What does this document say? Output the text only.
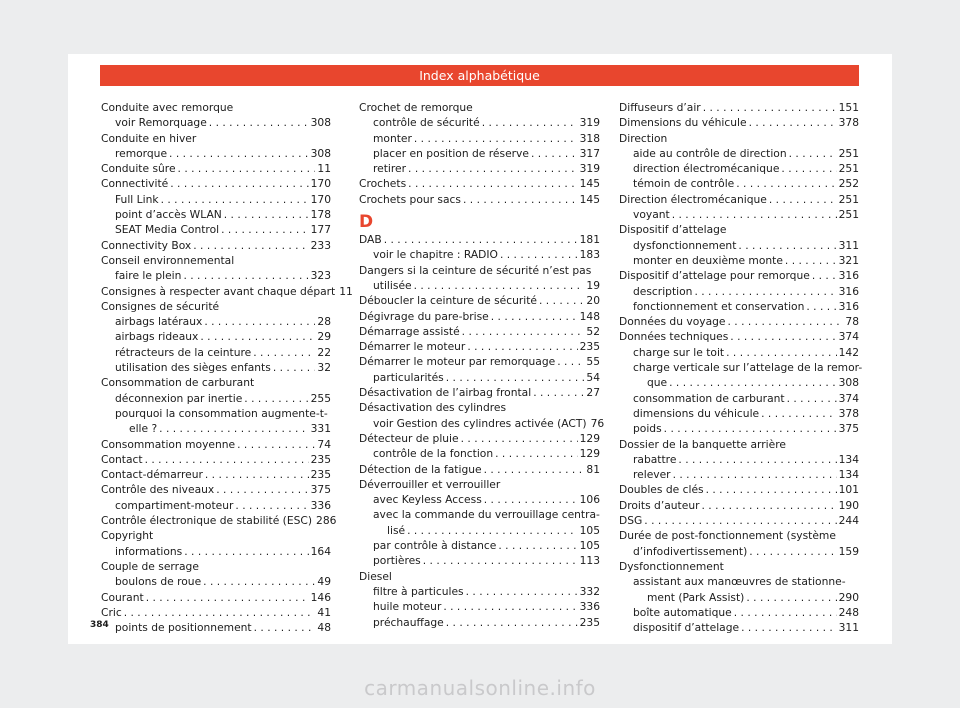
Index alphabétique
Conduite avec remorque
voir Remorquage . . .	308
Conduite en hiver
remorque . . .	308
Conduite sûre . . .	11
Connectivité . . .	170
Full Link . . .	170
point d’accès WLAN . . .	178
SEAT Media Control . . .	177
Connectivity Box . . .	233
Conseil environnemental
faire le plein . . .	323
Consignes à respecter avant chaque départ 11
Consignes de sécurité
airbags latéraux . . .	28
airbags rideaux . . .	29
rétracteurs de la ceinture . . .	22
utilisation des sièges enfants . . .	32
Consommation de carburant
déconnexion par inertie . . .	255
pourquoi la consommation augmente-t-
elle ? . . .	331
Consommation moyenne . . .	74
Contact . . .	235
Contact-démarreur . . .	235
Contrôle des niveaux . . .	375
compartiment-moteur . . .	336
Contrôle électronique de stabilité (ESC) 286
Copyright
informations . . .	164
Couple de serrage
boulons de roue . . .	49
Courant . . .	146
Cric . . .	41
points de positionnement . . .	48
Crochet de remorque
contrôle de sécurité . . .	319
monter . . .	318
placer en position de réserve . . .	317
retirer . . .	319
Crochets . . .	145
Crochets pour sacs . . .	145
D
DAB . . .	181
voir le chapitre : RADIO . . .	183
Dangers si la ceinture de sécurité n’est pas
utilisée . . .	19
Déboucler la ceinture de sécurité . . .	20
Dégivrage du pare-brise . . .	148
Démarrage assisté . . .	52
Démarrer le moteur . . .	235
Démarrer le moteur par remorquage . . .	55
particularités . . .	54
Désactivation de l’airbag frontal . . .	27
Désactivation des cylindres
voir Gestion des cylindres activée (ACT) 76
Détecteur de pluie . . .	129
contrôle de la fonction . . .	129
Détection de la fatigue . . .	81
Déverrouiller et verrouiller
avec Keyless Access . . .	106
avec la commande du verrouillage centra-
lisé . . .	105
par contrôle à distance . . .	105
portières . . .	113
Diesel
filtre à particules . . .	332
huile moteur . . .	336
préchauffage . . .	235
Diffuseurs d’air . . .	151
Dimensions du véhicule . . .	378
Direction
aide au contrôle de direction . . .	251
direction électromécanique . . .	251
témoin de contrôle . . .	252
Direction électromécanique . . .	251
voyant . . .	251
Dispositif d’attelage
dysfonctionnement . . .	311
monter en deuxième monte . . .	321
Dispositif d’attelage pour remorque . . .	316
description . . .	316
fonctionnement et conservation . . .	316
Données du voyage . . .	78
Données techniques . . .	374
charge sur le toit . . .	142
charge verticale sur l’attelage de la remor-
que . . .	308
consommation de carburant . . .	374
dimensions du véhicule . . .	378
poids . . .	375
Dossier de la banquette arrière
rabattre . . .	134
relever . . .	134
Doubles de clés . . .	101
Droits d’auteur . . .	190
DSG . . .	244
Durée de post-fonctionnement (système
d’infodivertissement) . . .	159
Dysfonctionnement
assistant aux manœuvres de stationne-
ment (Park Assist) . . .	290
boîte automatique . . .	248
dispositif d’attelage . . .	311
384
carmanualsonline.info
